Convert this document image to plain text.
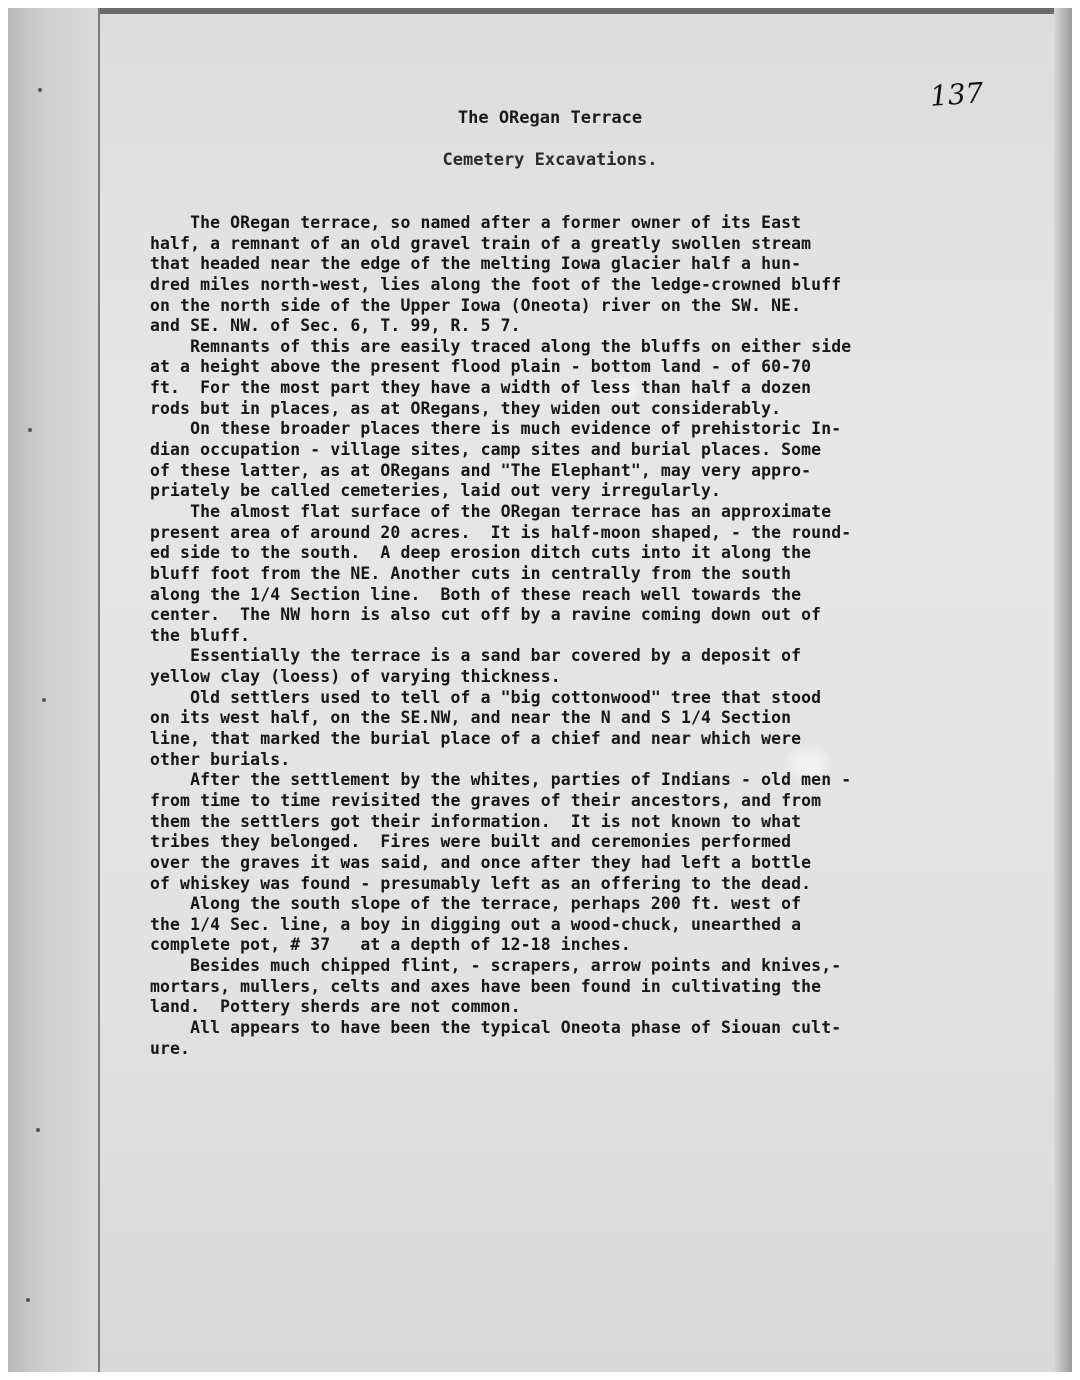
137
The ORegan Terrace
Cemetery Excavations.
The ORegan terrace, so named after a former owner of its East
half, a remnant of an old gravel train of a greatly swollen stream
that headed near the edge of the melting Iowa glacier half a hun-
dred miles north-west, lies along the foot of the ledge-crowned bluff
on the north side of the Upper Iowa (Oneota) river on the SW. NE.
and SE. NW. of Sec. 6, T. 99, R. 5 7.
Remnants of this are easily traced along the bluffs on either side
at a height above the present flood plain - bottom land - of 60-70
ft.  For the most part they have a width of less than half a dozen
rods but in places, as at ORegans, they widen out considerably.
On these broader places there is much evidence of prehistoric In-
dian occupation - village sites, camp sites and burial places. Some
of these latter, as at ORegans and "The Elephant", may very appro-
priately be called cemeteries, laid out very irregularly.
The almost flat surface of the ORegan terrace has an approximate
present area of around 20 acres.  It is half-moon shaped, - the round-
ed side to the south.  A deep erosion ditch cuts into it along the
bluff foot from the NE. Another cuts in centrally from the south
along the 1/4 Section line.  Both of these reach well towards the
center.  The NW horn is also cut off by a ravine coming down out of
the bluff.
Essentially the terrace is a sand bar covered by a deposit of
yellow clay (loess) of varying thickness.
Old settlers used to tell of a "big cottonwood" tree that stood
on its west half, on the SE.NW, and near the N and S 1/4 Section
line, that marked the burial place of a chief and near which were
other burials.
After the settlement by the whites, parties of Indians - old men -
from time to time revisited the graves of their ancestors, and from
them the settlers got their information.  It is not known to what
tribes they belonged.  Fires were built and ceremonies performed
over the graves it was said, and once after they had left a bottle
of whiskey was found - presumably left as an offering to the dead.
Along the south slope of the terrace, perhaps 200 ft. west of
the 1/4 Sec. line, a boy in digging out a wood-chuck, unearthed a
complete pot, # 37   at a depth of 12-18 inches.
Besides much chipped flint, - scrapers, arrow points and knives,-
mortars, mullers, celts and axes have been found in cultivating the
land.  Pottery sherds are not common.
All appears to have been the typical Oneota phase of Siouan cult-
ure.
